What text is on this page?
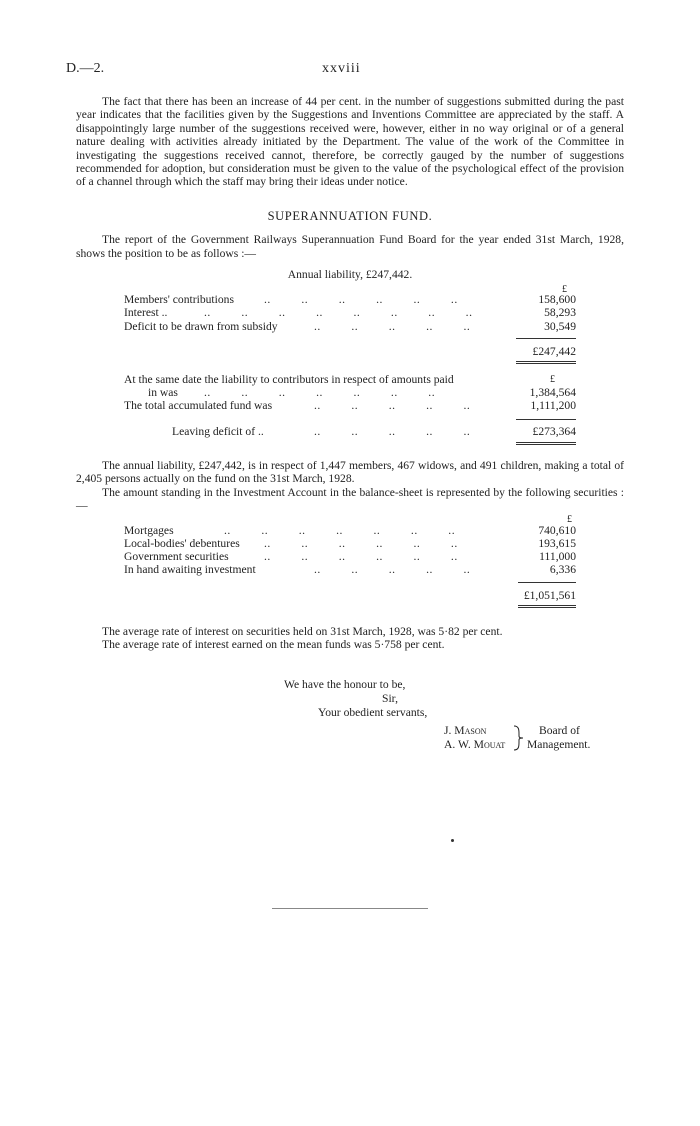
D.—2.	xxviii
The fact that there has been an increase of 44 per cent. in the number of suggestions submitted during the past year indicates that the facilities given by the Suggestions and Inventions Committee are appreciated by the staff. A disappointingly large number of the suggestions received were, however, either in no way original or of a general nature dealing with activities already initiated by the Department. The value of the work of the Committee in investigating the suggestions received cannot, therefore, be correctly gauged by the number of suggestions recommended for adoption, but consideration must be given to the value of the psychological effect of the provision of a channel through which the staff may bring their ideas under notice.
SUPERANNUATION FUND.
The report of the Government Railways Superannuation Fund Board for the year ended 31st March, 1928, shows the position to be as follows :—
Annual liability, £247,442.
£
Members' contributions	..         ..         ..         ..         ..         ..	158,600
Interest ..	..         ..         ..         ..         ..         ..         ..         ..	58,293
Deficit to be drawn from subsidy	..         ..         ..         ..         ..	30,549
£247,442
At the same date the liability to contributors in respect of amounts paid	£
in was ..         ..         ..         ..         ..         ..         ..	1,384,564
The total accumulated fund was	..         ..         ..         ..         ..	1,111,200
Leaving deficit of ..	..         ..         ..         ..         ..	£273,364
The annual liability, £247,442, is in respect of 1,447 members, 467 widows, and 491 children, making a total of 2,405 persons actually on the fund on the 31st March, 1928.
The amount standing in the Investment Account in the balance-sheet is represented by the following securities :—
£
Mortgages	..         ..         ..         ..         ..         ..         ..	740,610
Local-bodies' debentures ..         ..         ..         ..         ..         ..	193,615
Government securities	..         ..         ..         ..         ..         ..	111,000
In hand awaiting investment	..         ..         ..         ..         ..	6,336
£1,051,561
The average rate of interest on securities held on 31st March, 1928, was 5·82 per cent.
The average rate of interest earned on the mean funds was 5·758 per cent.
We have the honour to be,
Sir,
Your obedient servants,
J. Mason
A. W. Mouat
Board of
Management.
